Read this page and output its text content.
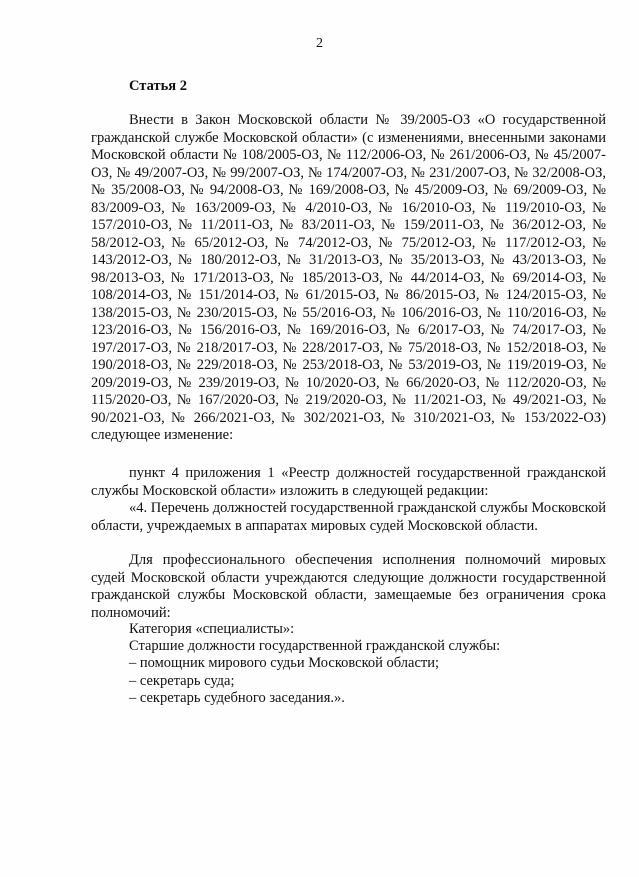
2
Статья 2
Внести в Закон Московской области № 39/2005-ОЗ «О государственной гражданской службе Московской области» (с изменениями, внесенными законами Московской области № 108/2005-ОЗ, № 112/2006-ОЗ, № 261/2006-ОЗ, № 45/2007-ОЗ, № 49/2007-ОЗ, № 99/2007-ОЗ, № 174/2007-ОЗ, № 231/2007-ОЗ, № 32/2008-ОЗ, № 35/2008-ОЗ, № 94/2008-ОЗ, № 169/2008-ОЗ, № 45/2009-ОЗ, № 69/2009-ОЗ, № 83/2009-ОЗ, № 163/2009-ОЗ, № 4/2010-ОЗ, № 16/2010-ОЗ, № 119/2010-ОЗ, № 157/2010-ОЗ, № 11/2011-ОЗ, № 83/2011-ОЗ, № 159/2011-ОЗ, № 36/2012-ОЗ, № 58/2012-ОЗ, № 65/2012-ОЗ, № 74/2012-ОЗ, № 75/2012-ОЗ, № 117/2012-ОЗ, № 143/2012-ОЗ, № 180/2012-ОЗ, № 31/2013-ОЗ, № 35/2013-ОЗ, № 43/2013-ОЗ, № 98/2013-ОЗ, № 171/2013-ОЗ, № 185/2013-ОЗ, № 44/2014-ОЗ, № 69/2014-ОЗ, № 108/2014-ОЗ, № 151/2014-ОЗ, № 61/2015-ОЗ, № 86/2015-ОЗ, № 124/2015-ОЗ, № 138/2015-ОЗ, № 230/2015-ОЗ, № 55/2016-ОЗ, № 106/2016-ОЗ, № 110/2016-ОЗ, № 123/2016-ОЗ, № 156/2016-ОЗ, № 169/2016-ОЗ, № 6/2017-ОЗ, № 74/2017-ОЗ, № 197/2017-ОЗ, № 218/2017-ОЗ, № 228/2017-ОЗ, № 75/2018-ОЗ, № 152/2018-ОЗ, № 190/2018-ОЗ, № 229/2018-ОЗ, № 253/2018-ОЗ, № 53/2019-ОЗ, № 119/2019-ОЗ, № 209/2019-ОЗ, № 239/2019-ОЗ, № 10/2020-ОЗ, № 66/2020-ОЗ, № 112/2020-ОЗ, № 115/2020-ОЗ, № 167/2020-ОЗ, № 219/2020-ОЗ, № 11/2021-ОЗ, № 49/2021-ОЗ, № 90/2021-ОЗ, № 266/2021-ОЗ, № 302/2021-ОЗ, № 310/2021-ОЗ, № 153/2022-ОЗ) следующее изменение:
пункт 4 приложения 1 «Реестр должностей государственной гражданской службы Московской области» изложить в следующей редакции:
«4. Перечень должностей государственной гражданской службы Московской области, учреждаемых в аппаратах мировых судей Московской области.
Для профессионального обеспечения исполнения полномочий мировых судей Московской области учреждаются следующие должности государственной гражданской службы Московской области, замещаемые без ограничения срока полномочий:
Категория «специалисты»:
Старшие должности государственной гражданской службы:
– помощник мирового судьи Московской области;
– секретарь суда;
– секретарь судебного заседания.».
